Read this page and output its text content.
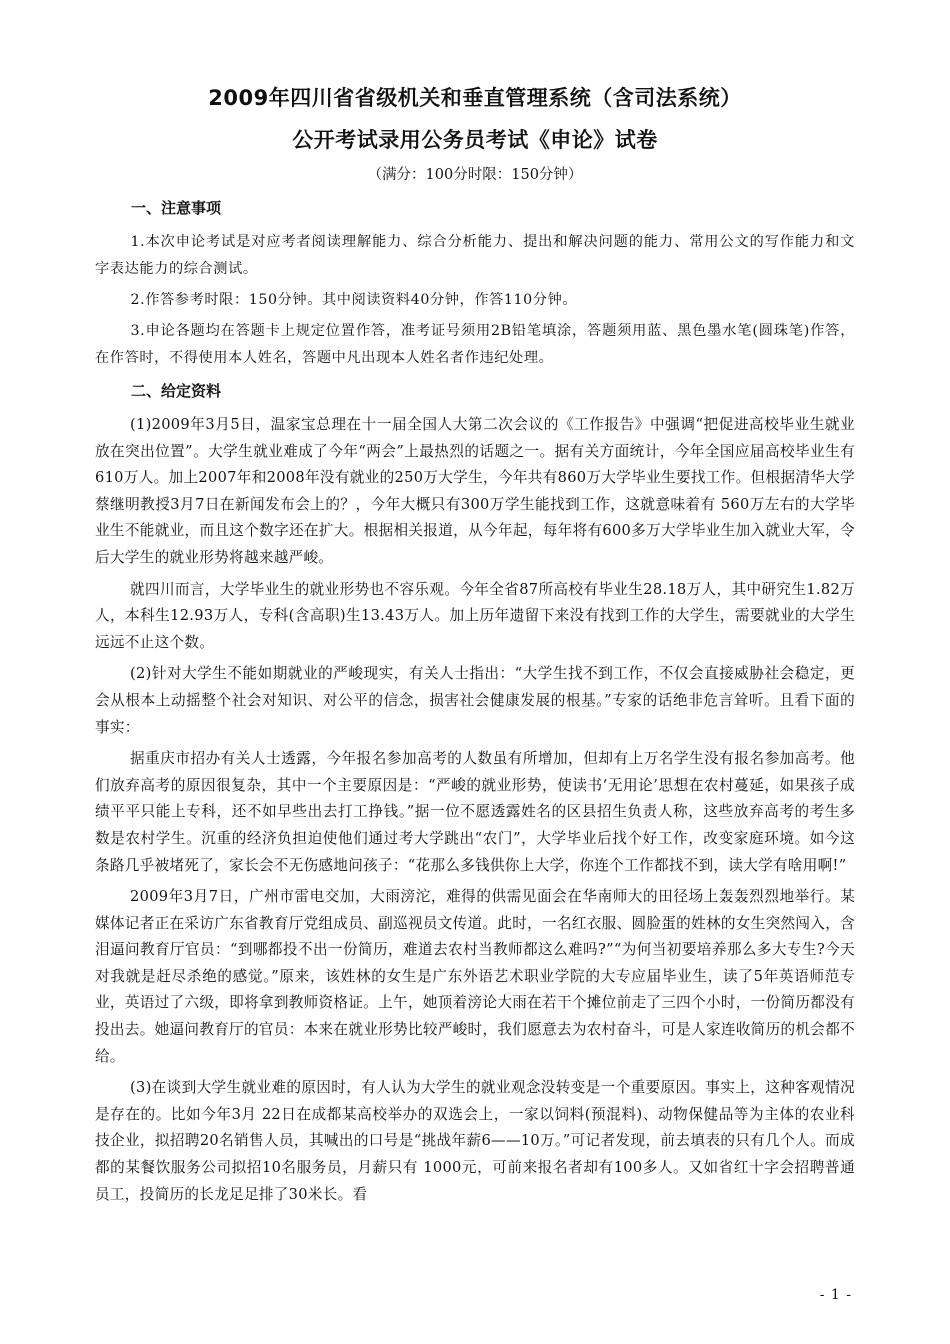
2009年四川省省级机关和垂直管理系统（含司法系统）
公开考试录用公务员考试《申论》试卷
（满分：100分时限：150分钟）
一、注意事项

1.本次申论考试是对应考者阅读理解能力、综合分析能力、提出和解决问题的能力、常用公文的写作能力和文字表达能力的综合测试。

2.作答参考时限：150分钟。其中阅读资料40分钟，作答110分钟。

3.申论各题均在答题卡上规定位置作答，准考证号须用2B铅笔填涂，答题须用蓝、黑色墨水笔(圆珠笔)作答，在作答时，不得使用本人姓名，答题中凡出现本人姓名者作违纪处理。

二、给定资料

(1)2009年3月5日，温家宝总理在十一届全国人大第二次会议的《工作报告》中强调“把促进高校毕业生就业放在突出位置”。大学生就业难成了今年“两会”上最热烈的话题之一。据有关方面统计，今年全国应届高校毕业生有610万人。加上2007年和2008年没有就业的250万大学生，今年共有860万大学毕业生要找工作。但根据清华大学蔡继明教授3月7日在新闻发布会上的？，今年大概只有300万学生能找到工作，这就意味着有 560万左右的大学毕业生不能就业，而且这个数字还在扩大。根据相关报道，从今年起，每年将有600多万大学毕业生加入就业大军，令后大学生的就业形势将越来越严峻。

就四川而言，大学毕业生的就业形势也不容乐观。今年全省87所高校有毕业生28.18万人，其中研究生1.82万人，本科生12.93万人，专科(含高职)生13.43万人。加上历年遗留下来没有找到工作的大学生，需要就业的大学生远远不止这个数。

(2)针对大学生不能如期就业的严峻现实，有关人士指出：“大学生找不到工作，不仅会直接威胁社会稳定，更会从根本上动摇整个社会对知识、对公平的信念，损害社会健康发展的根基。”专家的话绝非危言耸听。且看下面的事实：

据重庆市招办有关人士透露，今年报名参加高考的人数虽有所增加，但却有上万名学生没有报名参加高考。他们放弃高考的原因很复杂，其中一个主要原因是：“严峻的就业形势，使读书‘无用论’思想在农村蔓延，如果孩子成绩平平只能上专科，还不如早些出去打工挣钱。”据一位不愿透露姓名的区县招生负责人称，这些放弃高考的考生多数是农村学生。沉重的经济负担迫使他们通过考大学跳出“农门”，大学毕业后找个好工作，改变家庭环境。如今这条路几乎被堵死了，家长会不无伤感地问孩子：“花那么多钱供你上大学，你连个工作都找不到，读大学有啥用啊!”

2009年3月7日，广州市雷电交加，大雨滂沱，难得的供需见面会在华南师大的田径场上轰轰烈烈地举行。某媒体记者正在采访广东省教育厅党组成员、副巡视员文传道。此时，一名红衣服、圆脸蛋的姓林的女生突然闯入，含泪逼问教育厅官员：“到哪都投不出一份简历，难道去农村当教师都这么难吗?”“为何当初要培养那么多大专生?今天对我就是赶尽杀绝的感觉。”原来，该姓林的女生是广东外语艺术职业学院的大专应届毕业生，读了5年英语师范专业，英语过了六级，即将拿到教师资格证。上午，她顶着滂论大雨在若干个摊位前走了三四个小时，一份简历都没有投出去。她逼问教育厅的官员：本来在就业形势比较严峻时，我们愿意去为农村奋斗，可是人家连收简历的机会都不给。

(3)在谈到大学生就业难的原因时，有人认为大学生的就业观念没转变是一个重要原因。事实上，这种客观情况是存在的。比如今年3月 22日在成都某高校举办的双选会上，一家以饲料(预混料)、动物保健品等为主体的农业科技企业，拟招聘20名销售人员，其喊出的口号是“挑战年薪6——10万。”可记者发现，前去填表的只有几个人。而成都的某餐饮服务公司拟招10名服务员，月薪只有 1000元，可前来报名者却有100多人。又如省红十字会招聘普通员工，投简历的长龙足足排了30米长。看

- 1 -
